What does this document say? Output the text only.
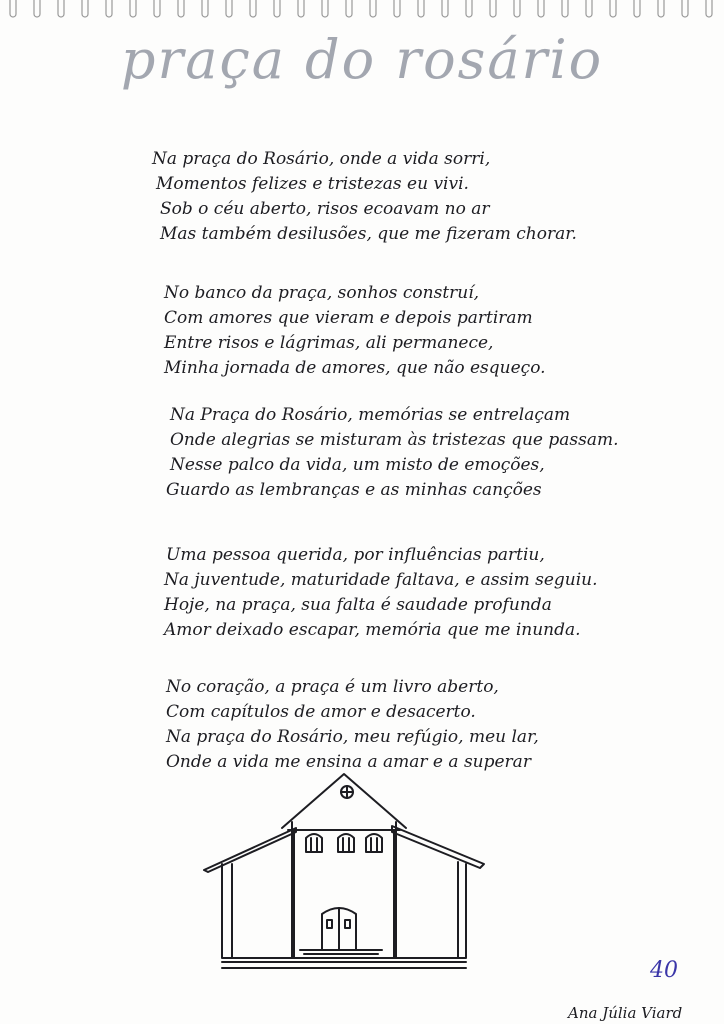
praça do rosário
Na praça do Rosário, onde a vida sorri,
Momentos felizes e tristezas eu vivi.
Sob o céu aberto, risos ecoavam no ar
Mas também desilusões, que me fizeram chorar.
No banco da praça, sonhos construí,
Com amores que vieram e depois partiram
Entre risos e lágrimas, ali permanece,
Minha jornada de amores, que não esqueço.
Na Praça do Rosário, memórias se entrelaçam
Onde alegrias se misturam às tristezas que passam.
Nesse palco da vida, um misto de emoções,
Guardo as lembranças e as minhas canções
Uma pessoa querida, por influências partiu,
Na juventude, maturidade faltava, e assim seguiu.
Hoje, na praça, sua falta é saudade profunda
Amor deixado escapar, memória que me inunda.
No coração, a praça é um livro aberto,
Com capítulos de amor e desacerto.
Na praça do Rosário, meu refúgio, meu lar,
Onde a vida me ensina a amar e a superar
40
Ana Júlia Viard
